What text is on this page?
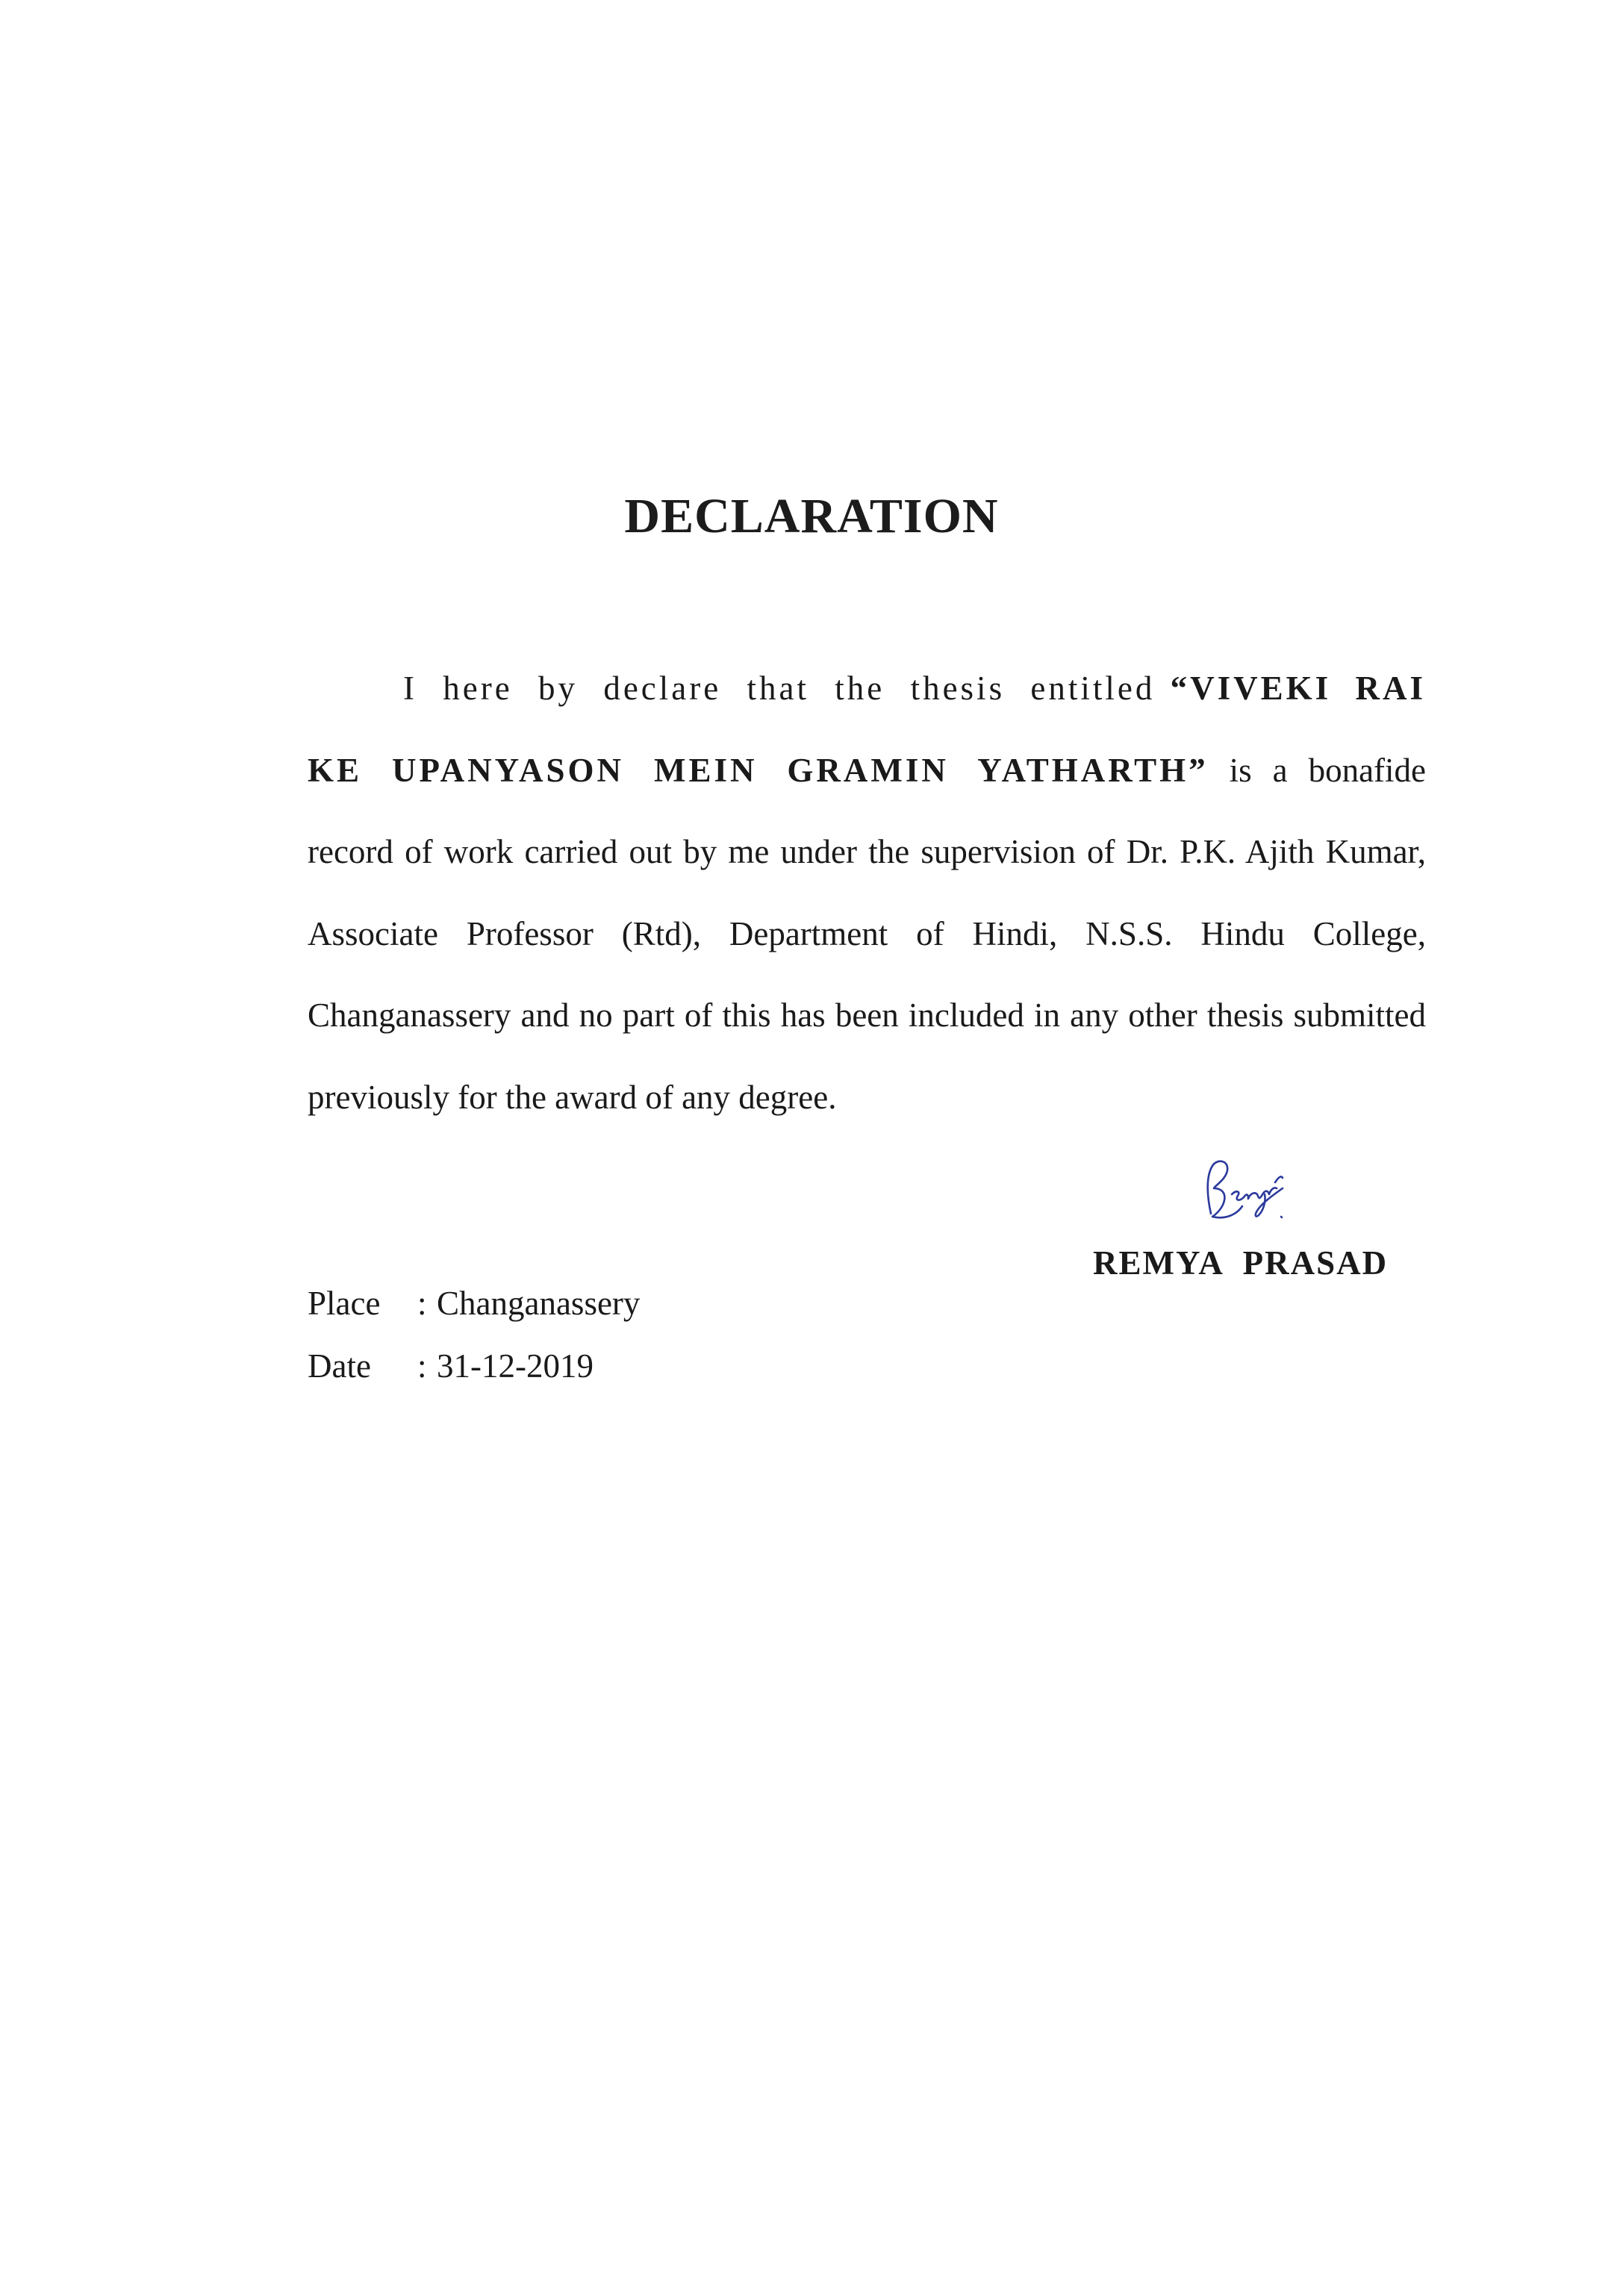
DECLARATION

I here by declare that the thesis entitled “VIVEKI RAI KE UPANYASON MEIN GRAMIN YATHARTH” is a bonafide record of work carried out by me under the supervision of Dr. P.K. Ajith Kumar, Associate Professor (Rtd), Department of Hindi, N.S.S. Hindu College, Changanassery and no part of this has been included in any other thesis submitted previously for the award of any degree.

REMYA PRASAD
Place : Changanassery
Date : 31-12-2019
